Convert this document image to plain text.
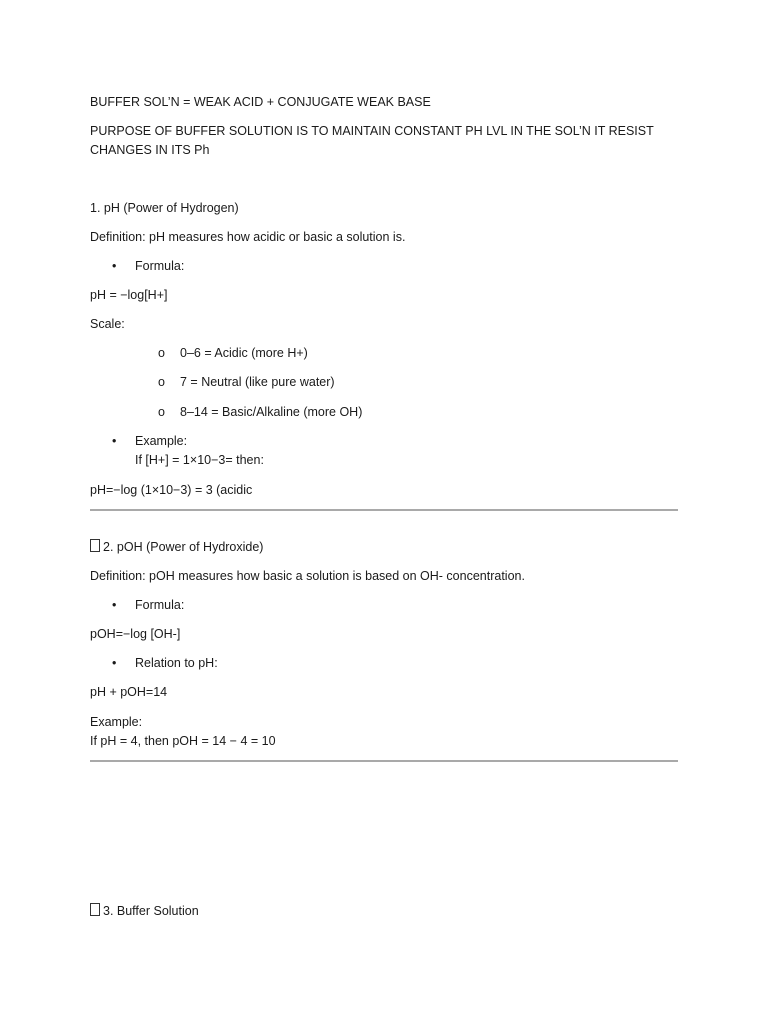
BUFFER SOL’N = WEAK ACID + CONJUGATE WEAK BASE
PURPOSE OF BUFFER SOLUTION IS TO MAINTAIN CONSTANT PH LVL IN THE SOL’N IT RESIST CHANGES IN ITS Ph
1. pH (Power of Hydrogen)
Definition: pH measures how acidic or basic a solution is.
• Formula:
pH = −log[H+]
Scale:
o 0–6 = Acidic (more H+)
o 7 = Neutral (like pure water)
o 8–14 = Basic/Alkaline (more OH)
• Example:
If [H+] = 1×10−3= then:
pH=−log (1×10−3) = 3 (acidic
2. pOH (Power of Hydroxide)
Definition: pOH measures how basic a solution is based on OH- concentration.
• Formula:
pOH=−log [OH-]
• Relation to pH:
pH + pOH=14
Example:
If pH = 4, then pOH = 14 − 4 = 10
3. Buffer Solution
